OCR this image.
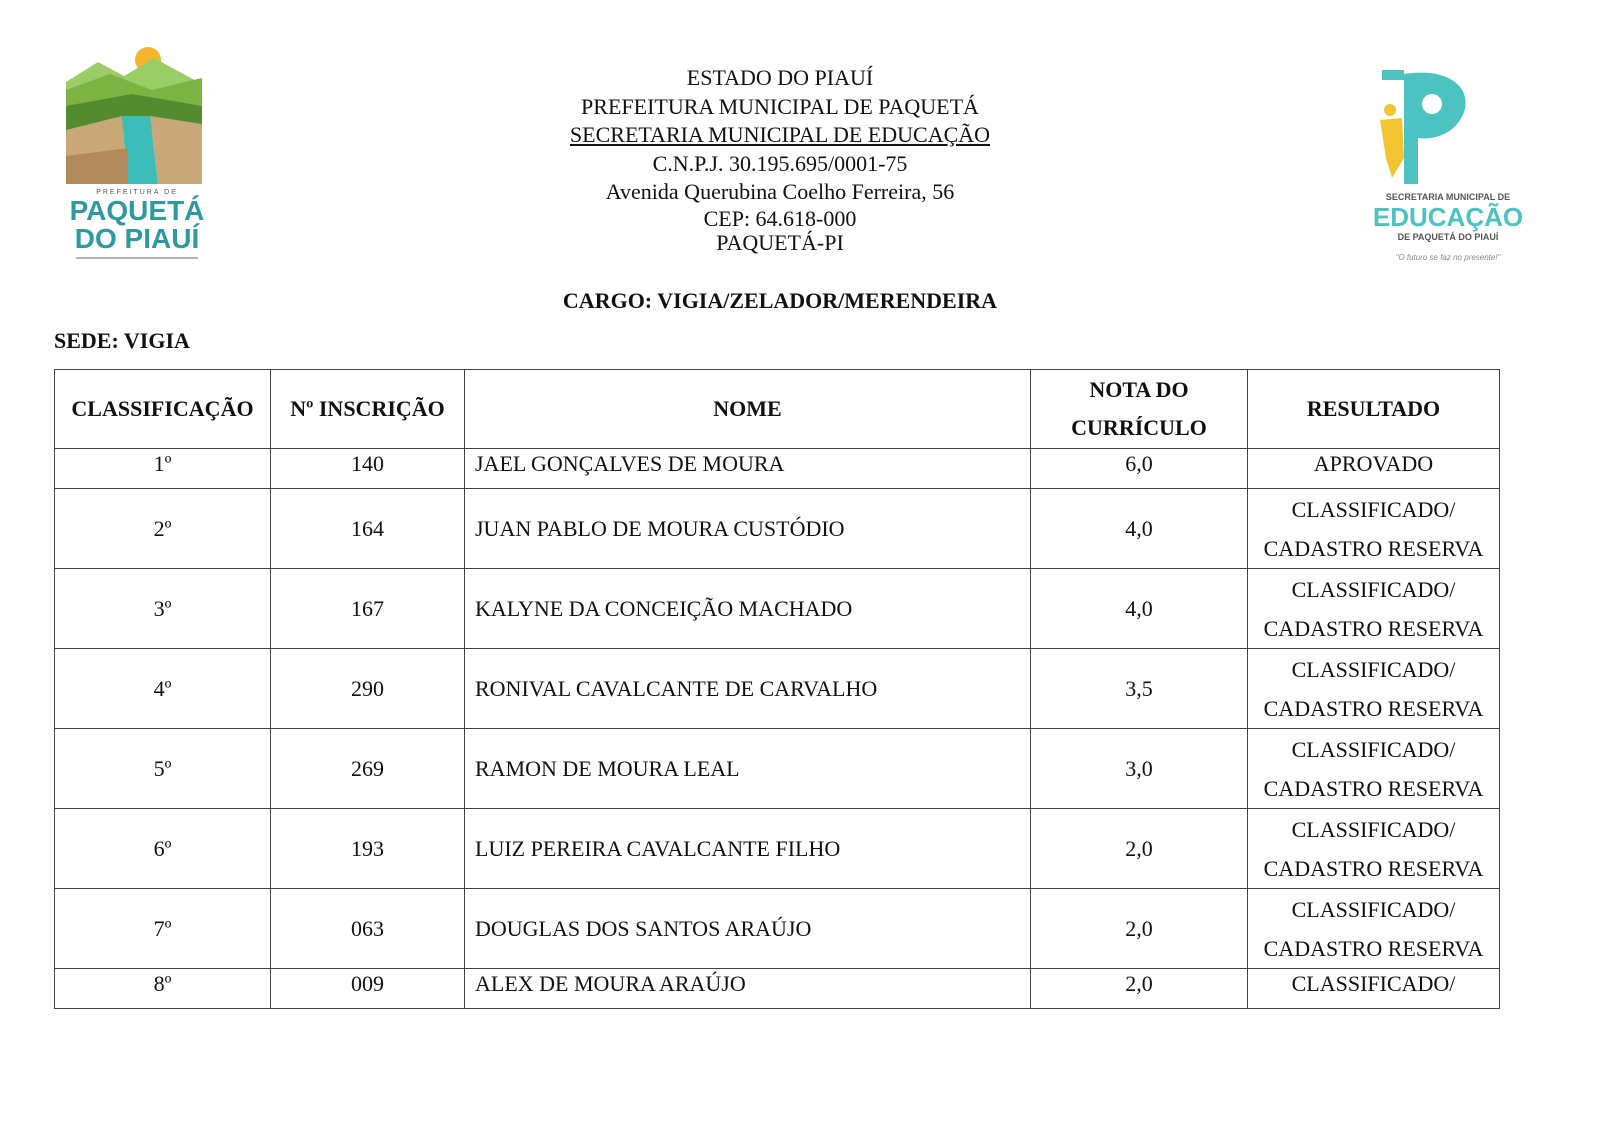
PREFEITURA DE
PAQUETÁ
DO PIAUÍ
ESTADO DO PIAUÍ
PREFEITURA MUNICIPAL DE PAQUETÁ
SECRETARIA MUNICIPAL DE EDUCAÇÃO
C.N.P.J. 30.195.695/0001-75
Avenida Querubina Coelho Ferreira, 56
CEP: 64.618-000
PAQUETÁ-PI
SECRETARIA MUNICIPAL DE
EDUCAÇÃO
DE PAQUETÁ DO PIAUÍ
"O futuro se faz no presente!"
CARGO: VIGIA/ZELADOR/MERENDEIRA
SEDE: VIGIA
CLASSIFICAÇÃO	Nº INSCRIÇÃO	NOME	NOTA DO
CURRÍCULO	RESULTADO
1º	140	JAEL GONÇALVES DE MOURA	6,0	APROVADO
2º	164	JUAN PABLO DE MOURA CUSTÓDIO	4,0	CLASSIFICADO/
CADASTRO RESERVA

3º	167	KALYNE DA CONCEIÇÃO MACHADO	4,0	CLASSIFICADO/
CADASTRO RESERVA

4º	290	RONIVAL CAVALCANTE DE CARVALHO	3,5	CLASSIFICADO/
CADASTRO RESERVA

5º	269	RAMON DE MOURA LEAL	3,0	CLASSIFICADO/
CADASTRO RESERVA

6º	193	LUIZ PEREIRA CAVALCANTE FILHO	2,0	CLASSIFICADO/
CADASTRO RESERVA

7º	063	DOUGLAS DOS SANTOS ARAÚJO	2,0	CLASSIFICADO/
CADASTRO RESERVA

8º	009	ALEX DE MOURA ARAÚJO	2,0	CLASSIFICADO/
